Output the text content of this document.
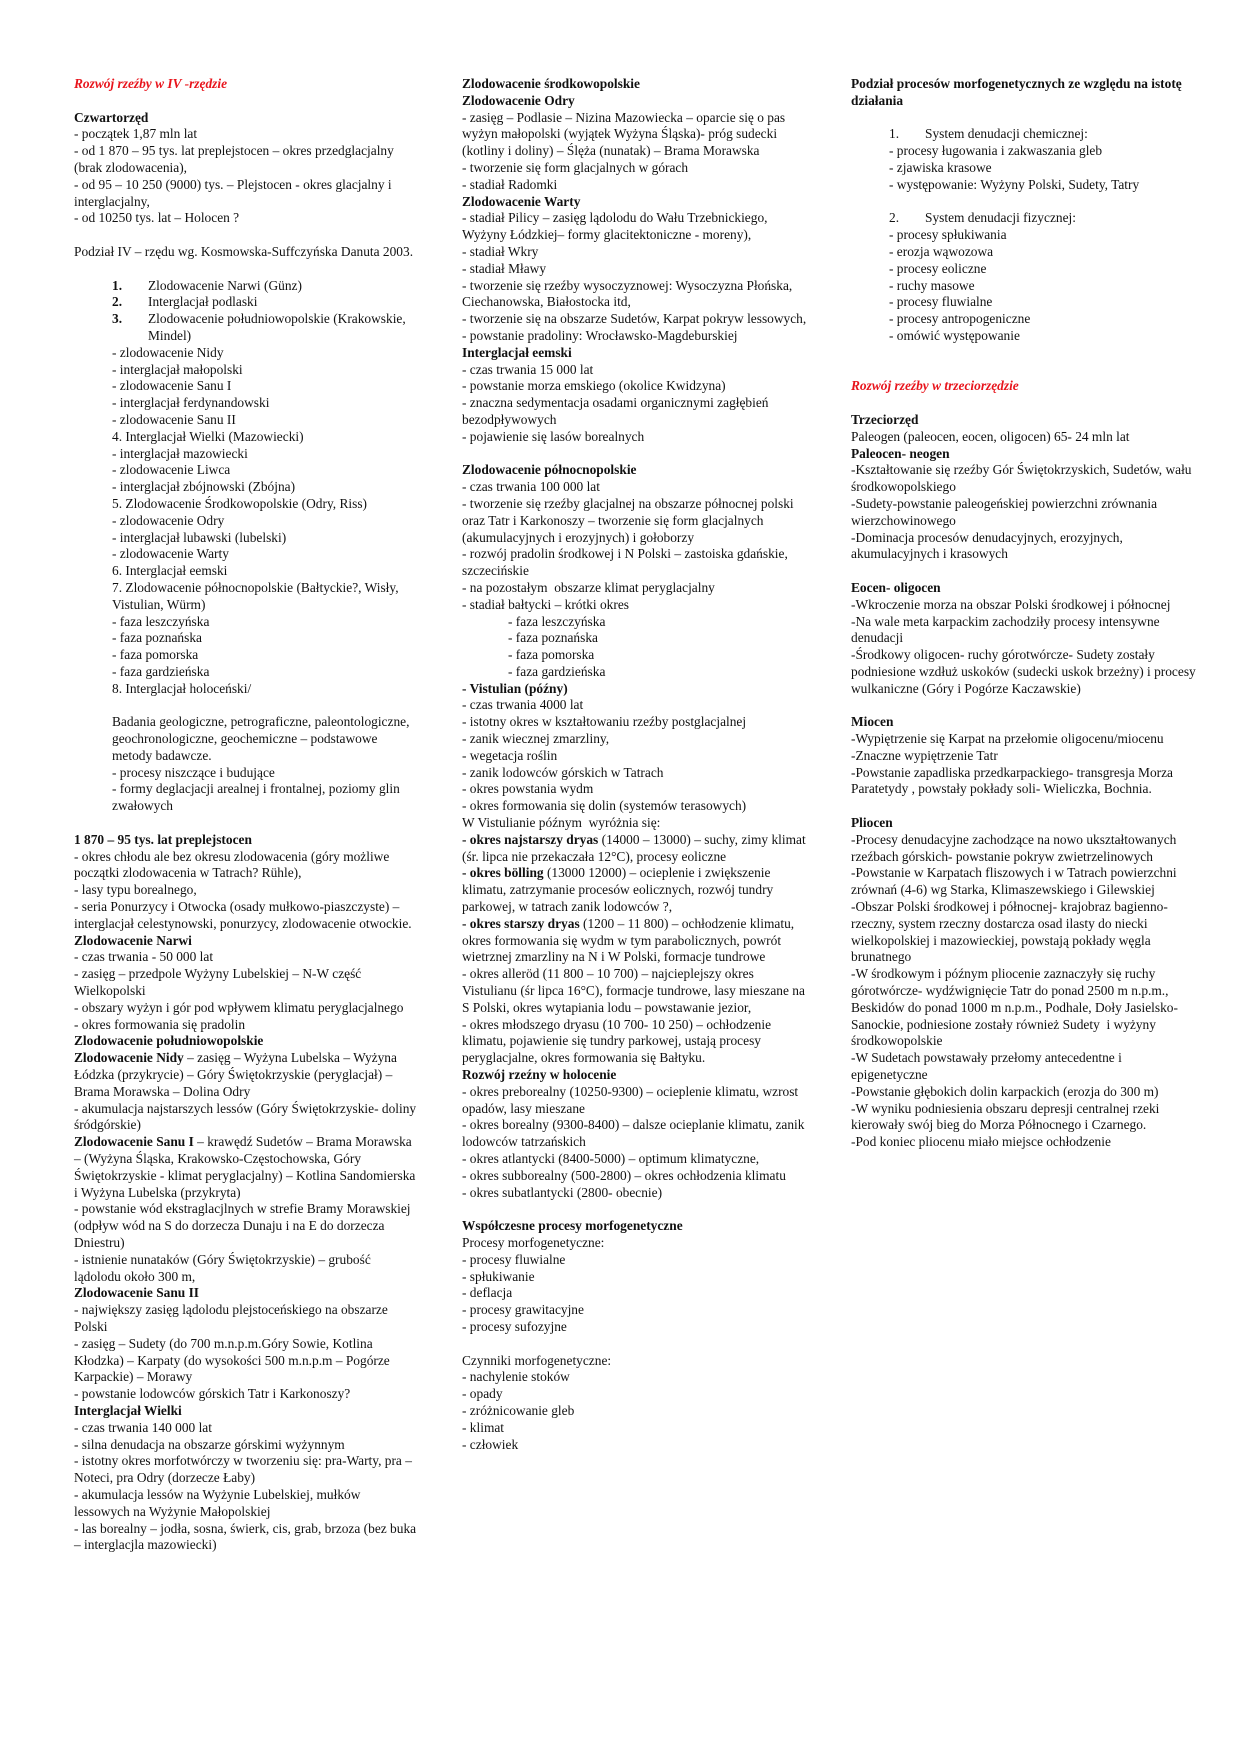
Rozwój rzeźby w IV -rzędzie

Czwartorzęd

- początek 1,87 mln lat

- od 1 870 – 95 tys. lat preplejstocen – okres przedglacjalny (brak zlodowacenia),

- od 95 – 10 250 (9000) tys. – Plejstocen - okres glacjalny i interglacjalny,

- od 10250 tys. lat – Holocen ?

Podział IV – rzędu wg. Kosmowska-Suffczyńska Danuta 2003.

1.	Zlodowacenie Narwi (Günz)
2.	Interglacjał podlaski
3.	Zlodowacenie południowopolskie (Krakowskie, Mindel)

- zlodowacenie Nidy

- interglacjał małopolski

- zlodowacenie Sanu I

- interglacjał ferdynandowski

- zlodowacenie Sanu II

4. Interglacjał Wielki (Mazowiecki)

- interglacjał mazowiecki

- zlodowacenie Liwca

- interglacjał zbójnowski (Zbójna)

5. Zlodowacenie Środkowopolskie (Odry, Riss)

- zlodowacenie Odry

- interglacjał lubawski (lubelski)

- zlodowacenie Warty

6. Interglacjał eemski

7. Zlodowacenie północnopolskie (Bałtyckie?, Wisły, Vistulian, Würm)

- faza leszczyńska

- faza poznańska

- faza pomorska

- faza gardzieńska

8. Interglacjał holoceński/

Badania geologiczne, petrograficzne, paleontologiczne, geochronologiczne, geochemiczne – podstawowe metody badawcze.

- procesy niszczące i budujące

- formy deglacjacji arealnej i frontalnej, poziomy glin zwałowych

1 870 – 95 tys. lat preplejstocen

- okres chłodu ale bez okresu zlodowacenia (góry możliwe początki zlodowacenia w Tatrach? Rühle),

- lasy typu borealnego,

- seria Ponurzycy i Otwocka (osady mułkowo-piaszczyste) – interglacjał celestynowski, ponurzycy, zlodowacenie otwockie.

Zlodowacenie Narwi

- czas trwania - 50 000 lat

- zasięg – przedpole Wyżyny Lubelskiej – N-W część Wielkopolski

- obszary wyżyn i gór pod wpływem klimatu peryglacjalnego

- okres formowania się pradolin

Zlodowacenie południowopolskie

Zlodowacenie Nidy – zasięg – Wyżyna Lubelska – Wyżyna Łódzka (przykrycie) – Góry Świętokrzyskie (peryglacjał) – Brama Morawska – Dolina Odry

- akumulacja najstarszych lessów (Góry Świętokrzyskie- doliny śródgórskie)

Zlodowacenie Sanu I – krawędź Sudetów – Brama Morawska – (Wyżyna Śląska, Krakowsko-Częstochowska, Góry Świętokrzyskie - klimat peryglacjalny) – Kotlina Sandomierska i Wyżyna Lubelska (przykryta)

- powstanie wód ekstraglacjlnych w strefie Bramy Morawskiej  (odpływ wód na S do dorzecza Dunaju i na E do dorzecza Dniestru)

- istnienie nunataków (Góry Świętokrzyskie) – grubość lądolodu około 300 m,

Zlodowacenie Sanu II

- największy zasięg lądolodu plejstoceńskiego na obszarze Polski

- zasięg – Sudety (do 700 m.n.p.m.Góry Sowie, Kotlina Kłodzka) – Karpaty (do wysokości 500 m.n.p.m – Pogórze Karpackie) – Morawy

- powstanie lodowców górskich Tatr i Karkonoszy?

Interglacjał Wielki

- czas trwania 140 000 lat

- silna denudacja na obszarze górskimi wyżynnym

- istotny okres morfotwórczy w tworzeniu się: pra-Warty, pra – Noteci, pra Odry (dorzecze Łaby)

- akumulacja lessów na Wyżynie Lubelskiej, mułków lessowych na Wyżynie Małopolskiej

- las borealny – jodła, sosna, świerk, cis, grab, brzoza (bez buka – interglacjla mazowiecki)

Zlodowacenie środkowopolskie

Zlodowacenie Odry

- zasięg – Podlasie – Nizina Mazowiecka – oparcie się o pas wyżyn małopolski (wyjątek Wyżyna Śląska)- próg sudecki (kotliny i doliny) – Ślęża (nunatak) – Brama Morawska

- tworzenie się form glacjalnych w górach

- stadiał Radomki

Zlodowacenie Warty

- stadiał Pilicy – zasięg lądolodu do Wału Trzebnickiego, Wyżyny Łódzkiej– formy glacitektoniczne - moreny),

- stadiał Wkry

- stadiał Mławy

- tworzenie się rzeźby wysoczyznowej: Wysoczyzna Płońska, Ciechanowska, Białostocka itd,

- tworzenie się na obszarze Sudetów, Karpat pokryw lessowych,

- powstanie pradoliny: Wrocławsko-Magdeburskiej

Interglacjał eemski

- czas trwania 15 000 lat

- powstanie morza emskiego (okolice Kwidzyna)

- znaczna sedymentacja osadami organicznymi zagłębień bezodpływowych

- pojawienie się lasów borealnych

Zlodowacenie północnopolskie

- czas trwania 100 000 lat

- tworzenie się rzeźby glacjalnej na obszarze północnej polski oraz Tatr i Karkonoszy – tworzenie się form glacjalnych (akumulacyjnych i erozyjnych) i gołoborzy

- rozwój pradolin środkowej i N Polski – zastoiska gdańskie, szczecińskie

- na pozostałym  obszarze klimat peryglacjalny

- stadiał bałtycki – krótki okres

- faza leszczyńska

- faza poznańska

- faza pomorska

- faza gardzieńska

- Vistulian (późny)

- czas trwania 4000 lat

- istotny okres w kształtowaniu rzeźby postglacjalnej

- zanik wiecznej zmarzliny,

- wegetacja roślin

- zanik lodowców górskich w Tatrach

- okres powstania wydm

- okres formowania się dolin (systemów terasowych)

W Vistulianie późnym  wyróżnia się:

- okres najstarszy dryas (14000 – 13000) – suchy, zimy klimat (śr. lipca nie przekaczała 12°C), procesy eoliczne

- okres bölling (13000 12000) – ocieplenie i zwiększenie klimatu, zatrzymanie procesów eolicznych, rozwój tundry parkowej, w tatrach zanik lodowców ?,

- okres starszy dryas (1200 – 11 800) – ochłodzenie klimatu, okres formowania się wydm w tym parabolicznych, powrót wietrznej zmarzliny na N i W Polski, formacje tundrowe

- okres alleröd (11 800 – 10 700) – najcieplejszy okres Vistulianu (śr lipca 16°C), formacje tundrowe, lasy mieszane na S Polski, okres wytapiania lodu – powstawanie jezior,

- okres młodszego dryasu (10 700- 10 250) – ochłodzenie klimatu, pojawienie się tundry parkowej, ustają procesy peryglacjalne, okres formowania się Bałtyku.

Rozwój rzeźny w holocenie

- okres preborealny (10250-9300) – ocieplenie klimatu, wzrost opadów, lasy mieszane

- okres borealny (9300-8400) – dalsze ocieplanie klimatu, zanik lodowców tatrzańskich

- okres atlantycki (8400-5000) – optimum klimatyczne,

- okres subborealny (500-2800) – okres ochłodzenia klimatu

- okres subatlantycki (2800- obecnie)

Współczesne procesy morfogenetyczne

Procesy morfogenetyczne:

- procesy fluwialne

- spłukiwanie

- deflacja

- procesy grawitacyjne

- procesy sufozyjne

Czynniki morfogenetyczne:

- nachylenie stoków

- opady

- zróżnicowanie gleb

- klimat

- człowiek

Podział procesów morfogenetycznych ze względu na istotę działania

1.	System denudacji chemicznej:

- procesy ługowania i zakwaszania gleb

- zjawiska krasowe

- występowanie: Wyżyny Polski, Sudety, Tatry

2.	System denudacji fizycznej:

- procesy spłukiwania

- erozja wąwozowa

- procesy eoliczne

- ruchy masowe

- procesy fluwialne

- procesy antropogeniczne

- omówić występowanie

Rozwój rzeźby w trzeciorzędzie

Trzeciorzęd

Paleogen (paleocen, eocen, oligocen) 65- 24 mln lat

Paleocen- neogen

-Kształtowanie się rzeźby Gór Świętokrzyskich, Sudetów, wału środkowopolskiego

-Sudety-powstanie paleogeńskiej powierzchni zrównania wierzchowinowego

-Dominacja procesów denudacyjnych, erozyjnych, akumulacyjnych i krasowych

Eocen- oligocen

-Wkroczenie morza na obszar Polski środkowej i północnej

-Na wale meta karpackim zachodziły procesy intensywne denudacji

-Środkowy oligocen- ruchy górotwórcze- Sudety zostały podniesione wzdłuż uskoków (sudecki uskok brzeżny) i procesy wulkaniczne (Góry i Pogórze Kaczawskie)

Miocen

-Wypiętrzenie się Karpat na przełomie oligocenu/miocenu

-Znaczne wypiętrzenie Tatr

-Powstanie zapadliska przedkarpackiego- transgresja Morza Paratetydy , powstały pokłady soli- Wieliczka, Bochnia.

Pliocen

-Procesy denudacyjne zachodzące na nowo ukształtowanych rzeźbach górskich- powstanie pokryw zwietrzelinowych

-Powstanie w Karpatach fliszowych i w Tatrach powierzchni zrównań (4-6) wg Starka, Klimaszewskiego i Gilewskiej

-Obszar Polski środkowej i północnej- krajobraz bagienno- rzeczny, system rzeczny dostarcza osad ilasty do niecki wielkopolskiej i mazowieckiej, powstają pokłady węgla brunatnego

-W środkowym i późnym pliocenie zaznaczyły się ruchy górotwórcze- wydźwignięcie Tatr do ponad 2500 m n.p.m., Beskidów do ponad 1000 m n.p.m., Podhale, Doły Jasielsko- Sanockie, podniesione zostały również Sudety  i wyżyny środkowopolskie

-W Sudetach powstawały przełomy antecedentne i epigenetyczne

-Powstanie głębokich dolin karpackich (erozja do 300 m)

-W wyniku podniesienia obszaru depresji centralnej rzeki kierowały swój bieg do Morza Północnego i Czarnego.

-Pod koniec pliocenu miało miejsce ochłodzenie
